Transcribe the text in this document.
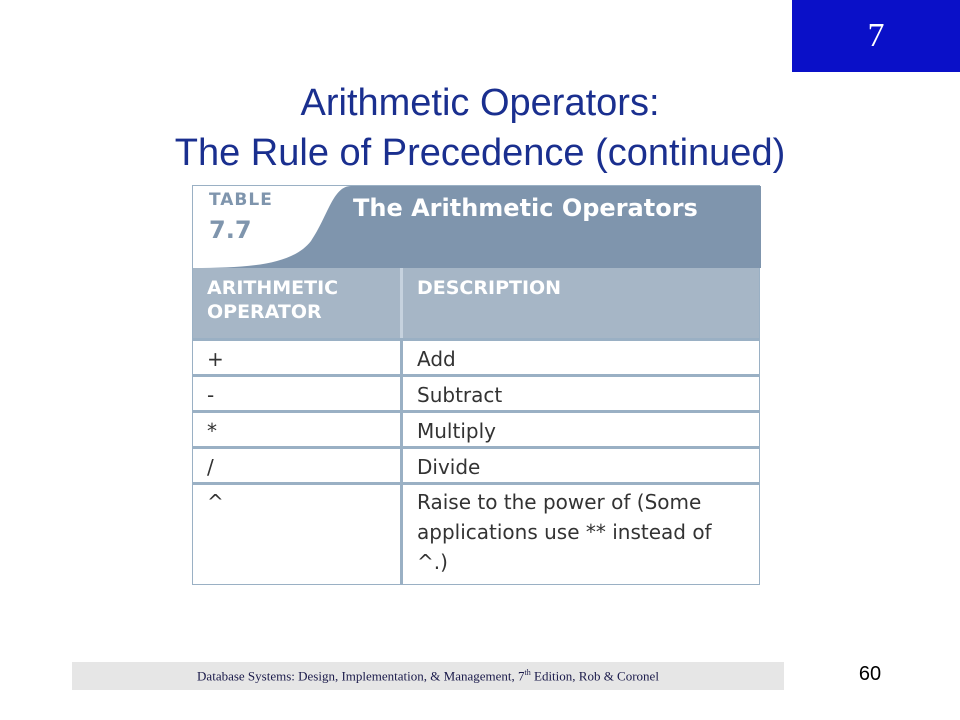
7
Arithmetic Operators:
The Rule of Precedence (continued)
TABLE
7.7
The Arithmetic Operators
ARITHMETIC OPERATOR
DESCRIPTION
+	Add
-	Subtract
*	Multiply
/	Divide
^	Raise to the power of (Some applications use ** instead of ^.)
Database Systems: Design, Implementation, & Management, 7th Edition, Rob & Coronel	60
